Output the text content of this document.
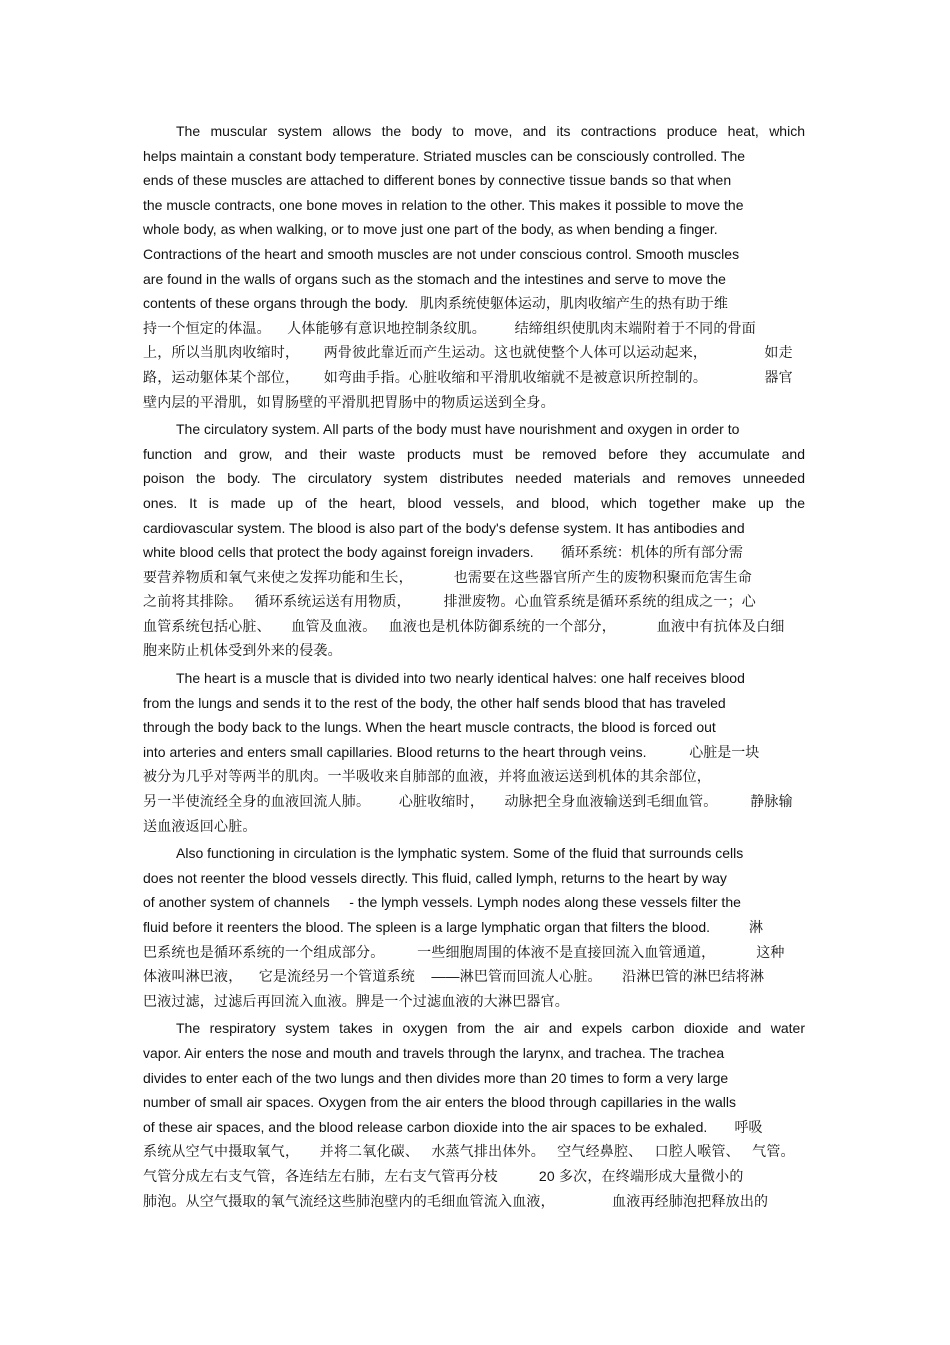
The muscular system allows the body to move, and its contractions produce heat, which
helps maintain a constant body temperature. Striated muscles can be consciously controlled. The
ends of these muscles are attached to different bones by connective tissue bands so that when
the muscle contracts, one bone moves in relation to the other. This makes it possible to move the
whole body, as when walking, or to move just one part of the body, as when bending a finger.
Contractions of the heart and smooth muscles are not under conscious control. Smooth muscles
are found in the walls of organs such as the stomach and the intestines and serve to move the
contents of these organs through the body.   肌肉系统使躯体运动，肌肉收缩产生的热有助于维
持一个恒定的体温。    人体能够有意识地控制条纹肌。       结缔组织使肌肉末端附着于不同的骨面
上，所以当肌肉收缩时，      两骨彼此靠近而产生运动。这也就使整个人体可以运动起来，              如走
路，运动躯体某个部位，      如弯曲手指。心脏收缩和平滑肌收缩就不是被意识所控制的。              器官
壁内层的平滑肌，如胃肠壁的平滑肌把胃肠中的物质运送到全身。
The circulatory system. All parts of the body must have nourishment and oxygen in order to
function and grow, and their waste products must be removed before they accumulate and
poison the body. The circulatory system distributes needed materials and removes unneeded
ones. It is made up of the heart, blood vessels, and blood, which together make up the
cardiovascular system. The blood is also part of the body's defense system. It has antibodies and
white blood cells that protect the body against foreign invaders.       循环系统：机体的所有部分需
要营养物质和氧气来使之发挥功能和生长，          也需要在这些器官所产生的废物积聚而危害生命
之前将其排除。   循环系统运送有用物质，        排泄废物。心血管系统是循环系统的组成之一；心
血管系统包括心脏、     血管及血液。   血液也是机体防御系统的一个部分，          血液中有抗体及白细
胞来防止机体受到外来的侵袭。
The heart is a muscle that is divided into two nearly identical halves: one half receives blood
from the lungs and sends it to the rest of the body, the other half sends blood that has traveled
through the body back to the lungs. When the heart muscle contracts, the blood is forced out
into arteries and enters small capillaries. Blood returns to the heart through veins.           心脏是一块
被分为几乎对等两半的肌肉。一半吸收来自肺部的血液，并将血液运送到机体的其余部位，
另一半使流经全身的血液回流人肺。       心脏收缩时，     动脉把全身血液输送到毛细血管。        静脉输
送血液返回心脏。
Also functioning in circulation is the lymphatic system. Some of the fluid that surrounds cells
does not reenter the blood vessels directly. This fluid, called lymph, returns to the heart by way
of another system of channels     - the lymph vessels. Lymph nodes along these vessels filter the
fluid before it reenters the blood. The spleen is a large lymphatic organ that filters the blood.          淋
巴系统也是循环系统的一个组成部分。        一些细胞周围的体液不是直接回流入血管通道，          这种
体液叫淋巴液，    它是流经另一个管道系统    ——淋巴管而回流人心脏。     沿淋巴管的淋巴结将淋
巴液过滤，过滤后再回流入血液。脾是一个过滤血液的大淋巴器官。
The respiratory system takes in oxygen from the air and expels carbon dioxide and water
vapor. Air enters the nose and mouth and travels through the larynx, and trachea. The trachea
divides to enter each of the two lungs and then divides more than 20 times to form a very large
number of small air spaces. Oxygen from the air enters the blood through capillaries in the walls
of these air spaces, and the blood release carbon dioxide into the air spaces to be exhaled.       呼吸
系统从空气中摄取氧气，     并将二氧化碳、   水蒸气排出体外。   空气经鼻腔、   口腔人喉管、   气管。
气管分成左右支气管，各连结左右肺，左右支气管再分枝          20 多次，在终端形成大量微小的
肺泡。从空气摄取的氧气流经这些肺泡壁内的毛细血管流入血液，              血液再经肺泡把释放出的
